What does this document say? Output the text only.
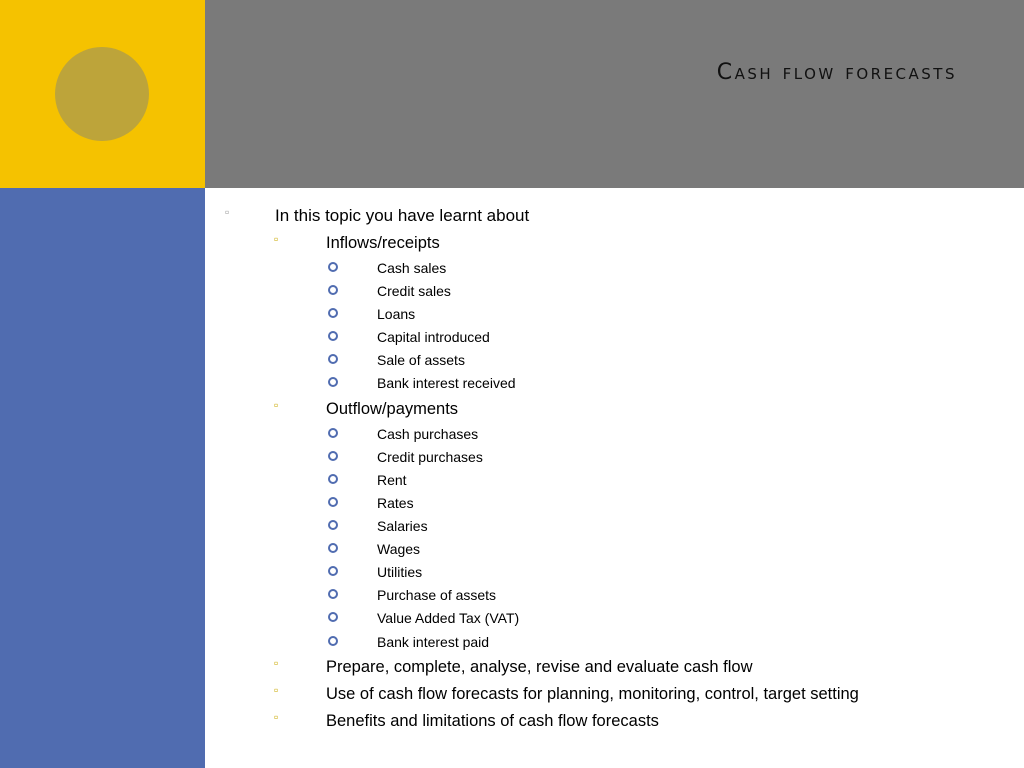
Cash flow forecasts
▫	In this topic you have learnt about
▫	Inflows/receipts
Cash sales
Credit sales
Loans
Capital introduced
Sale of assets
Bank interest received
▫	Outflow/payments
Cash purchases
Credit purchases
Rent
Rates
Salaries
Wages
Utilities
Purchase of assets
Value Added Tax (VAT)
Bank interest paid
▫	Prepare, complete, analyse, revise and evaluate cash flow
▫	Use of cash flow forecasts for planning, monitoring, control, target setting
▫	Benefits and limitations of cash flow forecasts
